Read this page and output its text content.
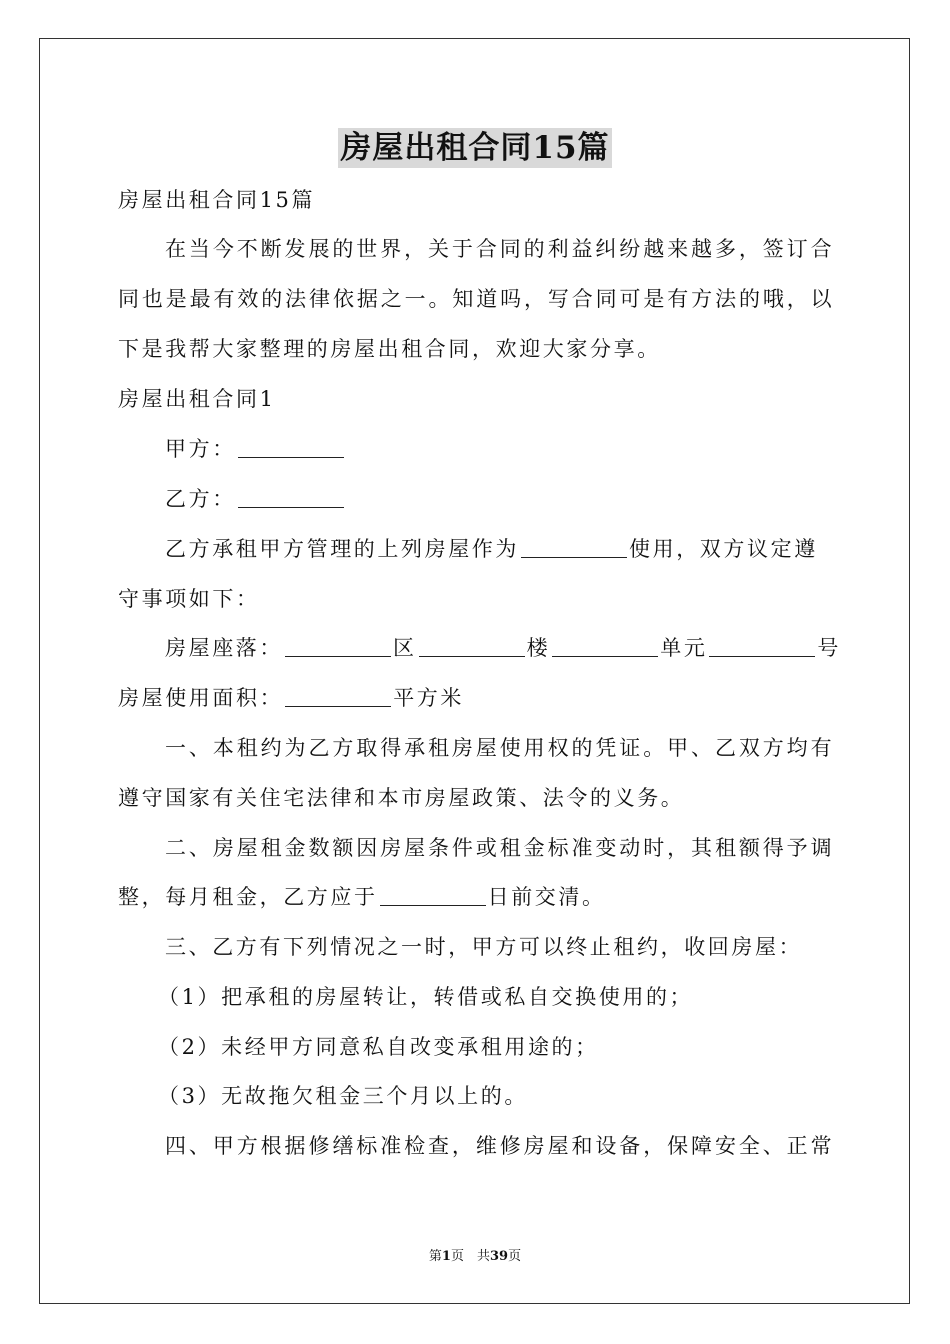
房屋出租合同15篇
房屋出租合同15篇
在当今不断发展的世界，关于合同的利益纠纷越来越多，签订合
同也是最有效的法律依据之一。知道吗，写合同可是有方法的哦，以
下是我帮大家整理的房屋出租合同，欢迎大家分享。
房屋出租合同1
甲方：
乙方：
乙方承租甲方管理的上列房屋作为	使用，双方议定遵
守事项如下：
房屋座落：	区	楼	单元	号
房屋使用面积：	平方米
一、本租约为乙方取得承租房屋使用权的凭证。甲、乙双方均有
遵守国家有关住宅法律和本市房屋政策、法令的义务。
二、房屋租金数额因房屋条件或租金标准变动时，其租额得予调
整，每月租金，乙方应于	日前交清。
三、乙方有下列情况之一时，甲方可以终止租约，收回房屋：
（1）把承租的房屋转让，转借或私自交换使用的；
（2）未经甲方同意私自改变承租用途的；
（3）无故拖欠租金三个月以上的。
四、甲方根据修缮标准检查，维修房屋和设备，保障安全、正常
第1页　共39页
